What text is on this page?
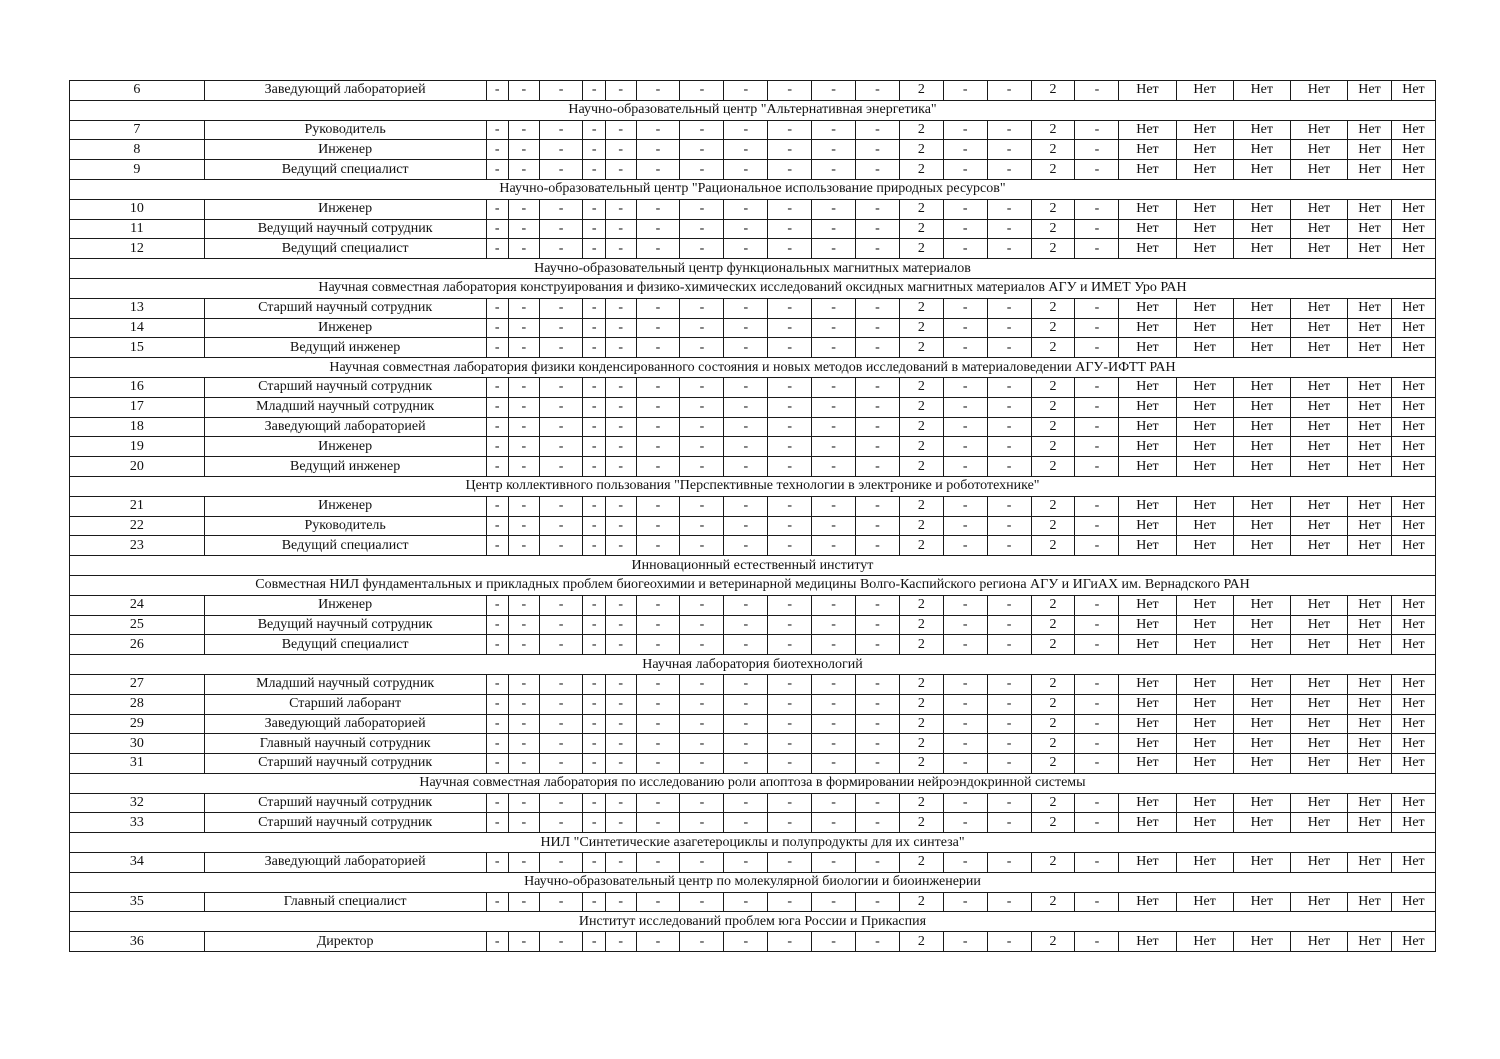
6	Заведующий лабораторией	-	-	-	-	-	-	-	-	-	-	-	2	-	-	2	-	Нет	Нет	Нет	Нет	Нет	Нет
Научно-образовательный центр "Альтернативная энергетика"																							
7	Руководитель	-	-	-	-	-	-	-	-	-	-	-	2	-	-	2	-	Нет	Нет	Нет	Нет	Нет	Нет
8	Инженер	-	-	-	-	-	-	-	-	-	-	-	2	-	-	2	-	Нет	Нет	Нет	Нет	Нет	Нет
9	Ведущий специалист	-	-	-	-	-	-	-	-	-	-	-	2	-	-	2	-	Нет	Нет	Нет	Нет	Нет	Нет
Научно-образовательный центр "Рациональное использование природных ресурсов"																							
10	Инженер	-	-	-	-	-	-	-	-	-	-	-	2	-	-	2	-	Нет	Нет	Нет	Нет	Нет	Нет
11	Ведущий научный сотрудник	-	-	-	-	-	-	-	-	-	-	-	2	-	-	2	-	Нет	Нет	Нет	Нет	Нет	Нет
12	Ведущий специалист	-	-	-	-	-	-	-	-	-	-	-	2	-	-	2	-	Нет	Нет	Нет	Нет	Нет	Нет
Научно-образовательный центр функциональных магнитных материалов																							
Научная совместная лаборатория конструирования и физико-химических исследований оксидных магнитных материалов АГУ и ИМЕТ Уро РАН																							
13	Старший научный сотрудник	-	-	-	-	-	-	-	-	-	-	-	2	-	-	2	-	Нет	Нет	Нет	Нет	Нет	Нет
14	Инженер	-	-	-	-	-	-	-	-	-	-	-	2	-	-	2	-	Нет	Нет	Нет	Нет	Нет	Нет
15	Ведущий инженер	-	-	-	-	-	-	-	-	-	-	-	2	-	-	2	-	Нет	Нет	Нет	Нет	Нет	Нет
Научная совместная лаборатория физики конденсированного состояния и новых методов исследований в материаловедении АГУ-ИФТТ РАН																							
16	Старший научный сотрудник	-	-	-	-	-	-	-	-	-	-	-	2	-	-	2	-	Нет	Нет	Нет	Нет	Нет	Нет
17	Младший научный сотрудник	-	-	-	-	-	-	-	-	-	-	-	2	-	-	2	-	Нет	Нет	Нет	Нет	Нет	Нет
18	Заведующий лабораторией	-	-	-	-	-	-	-	-	-	-	-	2	-	-	2	-	Нет	Нет	Нет	Нет	Нет	Нет
19	Инженер	-	-	-	-	-	-	-	-	-	-	-	2	-	-	2	-	Нет	Нет	Нет	Нет	Нет	Нет
20	Ведущий инженер	-	-	-	-	-	-	-	-	-	-	-	2	-	-	2	-	Нет	Нет	Нет	Нет	Нет	Нет
Центр коллективного пользования "Перспективные технологии в электронике и робототехнике"																							
21	Инженер	-	-	-	-	-	-	-	-	-	-	-	2	-	-	2	-	Нет	Нет	Нет	Нет	Нет	Нет
22	Руководитель	-	-	-	-	-	-	-	-	-	-	-	2	-	-	2	-	Нет	Нет	Нет	Нет	Нет	Нет
23	Ведущий специалист	-	-	-	-	-	-	-	-	-	-	-	2	-	-	2	-	Нет	Нет	Нет	Нет	Нет	Нет
Инновационный естественный институт																							
Совместная НИЛ фундаментальных и прикладных проблем биогеохимии и ветеринарной медицины Волго-Каспийского региона АГУ и ИГиАХ им. Вернадского РАН																							
24	Инженер	-	-	-	-	-	-	-	-	-	-	-	2	-	-	2	-	Нет	Нет	Нет	Нет	Нет	Нет
25	Ведущий научный сотрудник	-	-	-	-	-	-	-	-	-	-	-	2	-	-	2	-	Нет	Нет	Нет	Нет	Нет	Нет
26	Ведущий специалист	-	-	-	-	-	-	-	-	-	-	-	2	-	-	2	-	Нет	Нет	Нет	Нет	Нет	Нет
Научная лаборатория биотехнологий																							
27	Младший научный сотрудник	-	-	-	-	-	-	-	-	-	-	-	2	-	-	2	-	Нет	Нет	Нет	Нет	Нет	Нет
28	Старший лаборант	-	-	-	-	-	-	-	-	-	-	-	2	-	-	2	-	Нет	Нет	Нет	Нет	Нет	Нет
29	Заведующий лабораторией	-	-	-	-	-	-	-	-	-	-	-	2	-	-	2	-	Нет	Нет	Нет	Нет	Нет	Нет
30	Главный научный сотрудник	-	-	-	-	-	-	-	-	-	-	-	2	-	-	2	-	Нет	Нет	Нет	Нет	Нет	Нет
31	Старший научный сотрудник	-	-	-	-	-	-	-	-	-	-	-	2	-	-	2	-	Нет	Нет	Нет	Нет	Нет	Нет
Научная совместная лаборатория по исследованию роли апоптоза в формировании нейроэндокринной системы																							
32	Старший научный сотрудник	-	-	-	-	-	-	-	-	-	-	-	2	-	-	2	-	Нет	Нет	Нет	Нет	Нет	Нет
33	Старший научный сотрудник	-	-	-	-	-	-	-	-	-	-	-	2	-	-	2	-	Нет	Нет	Нет	Нет	Нет	Нет
НИЛ "Синтетические азагетероциклы и полупродукты для их синтеза"																							
34	Заведующий лабораторией	-	-	-	-	-	-	-	-	-	-	-	2	-	-	2	-	Нет	Нет	Нет	Нет	Нет	Нет
Научно-образовательный центр по молекулярной биологии и биоинженерии																							
35	Главный специалист	-	-	-	-	-	-	-	-	-	-	-	2	-	-	2	-	Нет	Нет	Нет	Нет	Нет	Нет
Институт исследований проблем юга России и Прикаспия																							
36	Директор	-	-	-	-	-	-	-	-	-	-	-	2	-	-	2	-	Нет	Нет	Нет	Нет	Нет	Нет
